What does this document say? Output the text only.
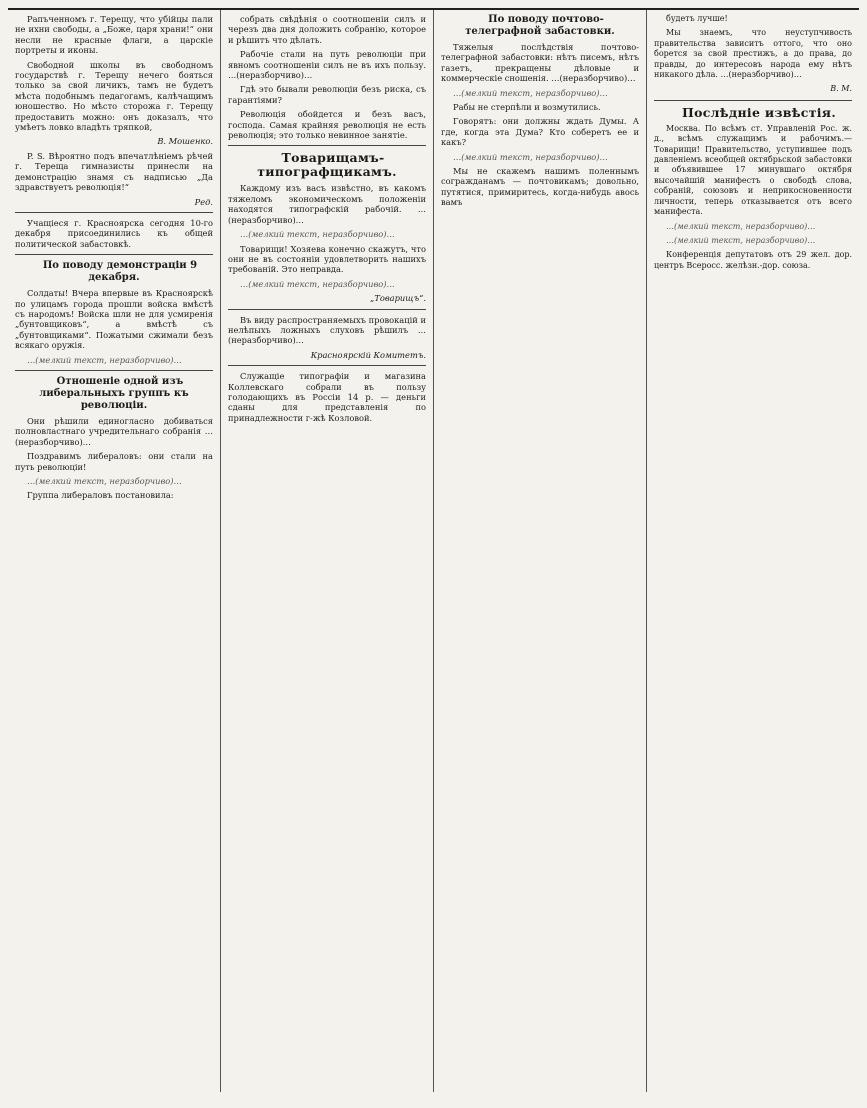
Рапъченномъ г. Терещу, что убійцы пали не ихни свободы, а „Боже, царя храни!“ они несли не красные флаги, а царскіе портреты и иконы.

Свободной школы въ свободномъ государствѣ г. Терещу нечего бояться только за свой личикъ, тамъ не будетъ мѣста подобнымъ педагогамъ, калѣчащимъ юношество. Но мѣсто сторожа г. Терещу предоставить можно: онъ доказалъ, что умѣетъ ловко владѣть тряпкой,

В. Мошенко.

P. S. Вѣроятно подъ впечатлѣніемъ рѣчей г. Тереща гимназисты принесли на демонстрацію знамя съ надписью „Да здравствуетъ революція!“

Ред.

Учащіеся г. Красноярска сегодня 10-го декабря присоединились къ общей политической забастовкѣ.

По поводу демонстраціи 9 декабря.

Солдаты! Вчера впервые въ Красноярскѣ по улицамъ города прошли войска вмѣстѣ съ народомъ! Войска шли не для усмиренія „бунтовщиковъ“, а вмѣстѣ съ „бунтовщиками“. Пожатыми сжимали безъ всякаго оружія.

…(мелкий текст, неразборчиво)…

Отношеніе одной изъ либеральныхъ группъ къ революціи.

Они рѣшили единогласно добиваться полновластнаго учредительнаго собранія …(неразборчиво)…

Поздравимъ либераловъ: они стали на путь революціи!

…(мелкий текст, неразборчиво)…

Группа либераловъ постановила:

собрать свѣдѣнія о соотношеніи силъ и черезъ два дня доложить собранію, которое и рѣшитъ что дѣлать.

Рабочіе стали на путь революціи при явномъ соотношеніи силъ не въ ихъ пользу. …(неразборчиво)…

Гдѣ это бывали революціи безъ риска, съ гарантіями?

Революція обойдется и безъ васъ, господа. Самая крайняя революція не есть революція; это только невинное занятіе.

Товарищамъ-типографщикамъ.

Каждому изъ васъ извѣстно, въ какомъ тяжеломъ экономическомъ положеніи находятся типографскій рабочій. …(неразборчиво)…

…(мелкий текст, неразборчиво)…

Товарищи! Хозяева конечно скажутъ, что они не въ состояніи удовлетворить нашихъ требованій. Это неправда.

…(мелкий текст, неразборчиво)…

„Товарищъ“.

Въ виду распространяемыхъ провокацій и нелѣпыхъ ложныхъ слуховъ рѣшилъ …(неразборчиво)…

Красноярскій Комитетъ.

Служащіе типографіи и магазина Коллевскаго собрали въ пользу голодающихъ въ Россіи 14 р. — деньги сданы для представленія по принадлежности г-жѣ Козловой.

По поводу почтово-телеграфной забастовки.

Тяжелыя послѣдствія почтово-телеграфной забастовки: нѣтъ писемъ, нѣтъ газетъ, прекращены дѣловые и коммерческіе сношенія. …(неразборчиво)…

…(мелкий текст, неразборчиво)…

Рабы не стерпѣли и возмутились.

Говорятъ: они должны ждать Думы. А где, когда эта Дума? Кто соберетъ ее и какъ?

…(мелкий текст, неразборчиво)…

Мы не скажемъ нашимъ поленнымъ согражданамъ — почтовикамъ; довольно, путятися, примиритесь, когда-нибудь авось вамъ

будетъ лучше!

Мы знаемъ, что неуступчивость правительства зависитъ оттого, что оно борется за свой престижъ, а до права, до правды, до интересовъ народа ему нѣтъ никакого дѣла. …(неразборчиво)…

В. М.

Послѣдніе извѣстія.

Москва. По всѣмъ ст. Управленій Рос. ж. д., всѣмъ служащимъ и рабочимъ.— Товарищи! Правительство, уступившее подъ давленіемъ всеобщей октябрьской забастовки и объявившее 17 минувшаго октября высочайшій манифестъ о свободѣ слова, собраній, союзовъ и неприкосновенности личности, теперь отказывается отъ всего манифеста.

…(мелкий текст, неразборчиво)…

…(мелкий текст, неразборчиво)…

Конференція депутатовъ отъ 29 жел. дор. центръ Всеросс. желѣзн.-дор. союза.
